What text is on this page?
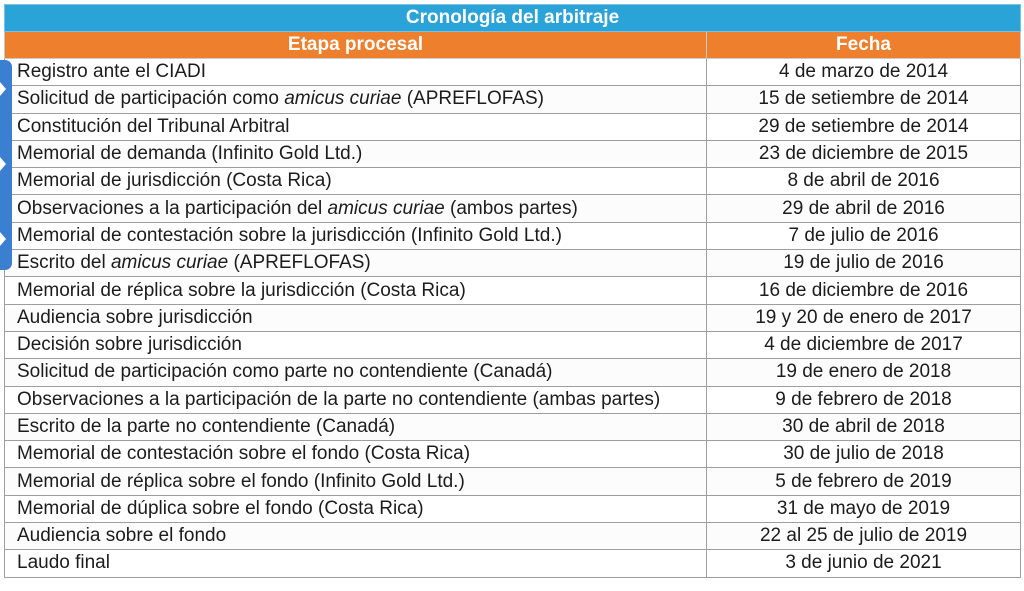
Cronología del arbitraje	
Etapa procesal	Fecha
Registro ante el CIADI	4 de marzo de 2014
Solicitud de participación como amicus curiae (APREFLOFAS)	15 de setiembre de 2014
Constitución del Tribunal Arbitral	29 de setiembre de 2014
Memorial de demanda (Infinito Gold Ltd.)	23 de diciembre de 2015
Memorial de jurisdicción (Costa Rica)	8 de abril de 2016
Observaciones a la participación del amicus curiae (ambos partes)	29 de abril de 2016
Memorial de contestación sobre la jurisdicción (Infinito Gold Ltd.)	7 de julio de 2016
Escrito del amicus curiae (APREFLOFAS)	19 de julio de 2016
Memorial de réplica sobre la jurisdicción (Costa Rica)	16 de diciembre de 2016
Audiencia sobre jurisdicción	19 y 20 de enero de 2017
Decisión sobre jurisdicción	4 de diciembre de 2017
Solicitud de participación como parte no contendiente (Canadá)	19 de enero de 2018
Observaciones a la participación de la parte no contendiente (ambas partes)	9 de febrero de 2018
Escrito de la parte no contendiente (Canadá)	30 de abril de 2018
Memorial de contestación sobre el fondo (Costa Rica)	30 de julio de 2018
Memorial de réplica sobre el fondo (Infinito Gold Ltd.)	5 de febrero de 2019
Memorial de dúplica sobre el fondo (Costa Rica)	31 de mayo de 2019
Audiencia sobre el fondo	22 al 25 de julio de 2019
Laudo final	3 de junio de 2021
